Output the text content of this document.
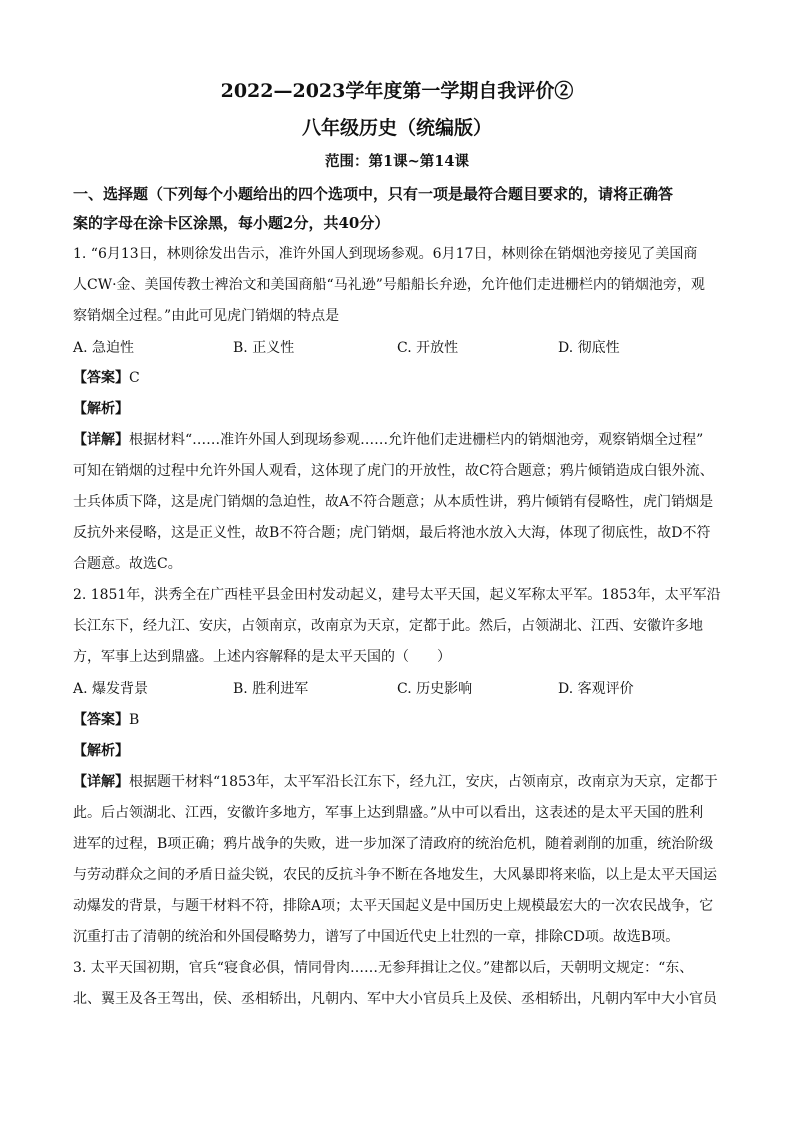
2022—2023学年度第一学期自我评价②
八年级历史（统编版）
范围：第1课~第14课
一、选择题（下列每个小题给出的四个选项中，只有一项是最符合题目要求的，请将正确答
案的字母在涂卡区涂黑，每小题2分，共40分）
1. “6月13日，林则徐发出告示，准许外国人到现场参观。6月17日，林则徐在销烟池旁接见了美国商
人CW·金、美国传教士裨治文和美国商船“马礼逊”号船船长弁逊，允许他们走进栅栏内的销烟池旁，观
察销烟全过程。”由此可见虎门销烟的特点是
A. 急迫性	B. 正义性	C. 开放性	D. 彻底性
【答案】C
【解析】
【详解】根据材料“……准许外国人到现场参观……允许他们走进栅栏内的销烟池旁，观察销烟全过程”
可知在销烟的过程中允许外国人观看，这体现了虎门的开放性，故C符合题意；鸦片倾销造成白银外流、
士兵体质下降，这是虎门销烟的急迫性，故A不符合题意；从本质性讲，鸦片倾销有侵略性，虎门销烟是
反抗外来侵略，这是正义性，故B不符合题；虎门销烟，最后将池水放入大海，体现了彻底性，故D不符
合题意。故选C。
2. 1851年，洪秀全在广西桂平县金田村发动起义，建号太平天国，起义军称太平军。1853年，太平军沿
长江东下，经九江、安庆，占领南京，改南京为天京，定都于此。然后，占领湖北、江西、安徽许多地
方，军事上达到鼎盛。上述内容解释的是太平天国的（　　）
A. 爆发背景	B. 胜利进军	C. 历史影响	D. 客观评价
【答案】B
【解析】
【详解】根据题干材料“1853年，太平军沿长江东下，经九江，安庆，占领南京，改南京为天京，定都于
此。后占领湖北、江西，安徽许多地方，军事上达到鼎盛。”从中可以看出，这表述的是太平天国的胜利
进军的过程，B项正确；鸦片战争的失败，进一步加深了清政府的统治危机，随着剥削的加重，统治阶级
与劳动群众之间的矛盾日益尖锐，农民的反抗斗争不断在各地发生，大风暴即将来临，以上是太平天国运
动爆发的背景，与题干材料不符，排除A项；太平天国起义是中国历史上规模最宏大的一次农民战争，它
沉重打击了清朝的统治和外国侵略势力，谱写了中国近代史上壮烈的一章，排除CD项。故选B项。
3. 太平天国初期，官兵“寝食必俱，情同骨肉……无参拜揖让之仪。”建都以后，天朝明文规定：“东、
北、翼王及各王驾出，侯、丞相轿出，凡朝内、军中大小官员兵上及侯、丞相轿出，凡朝内军中大小官员
